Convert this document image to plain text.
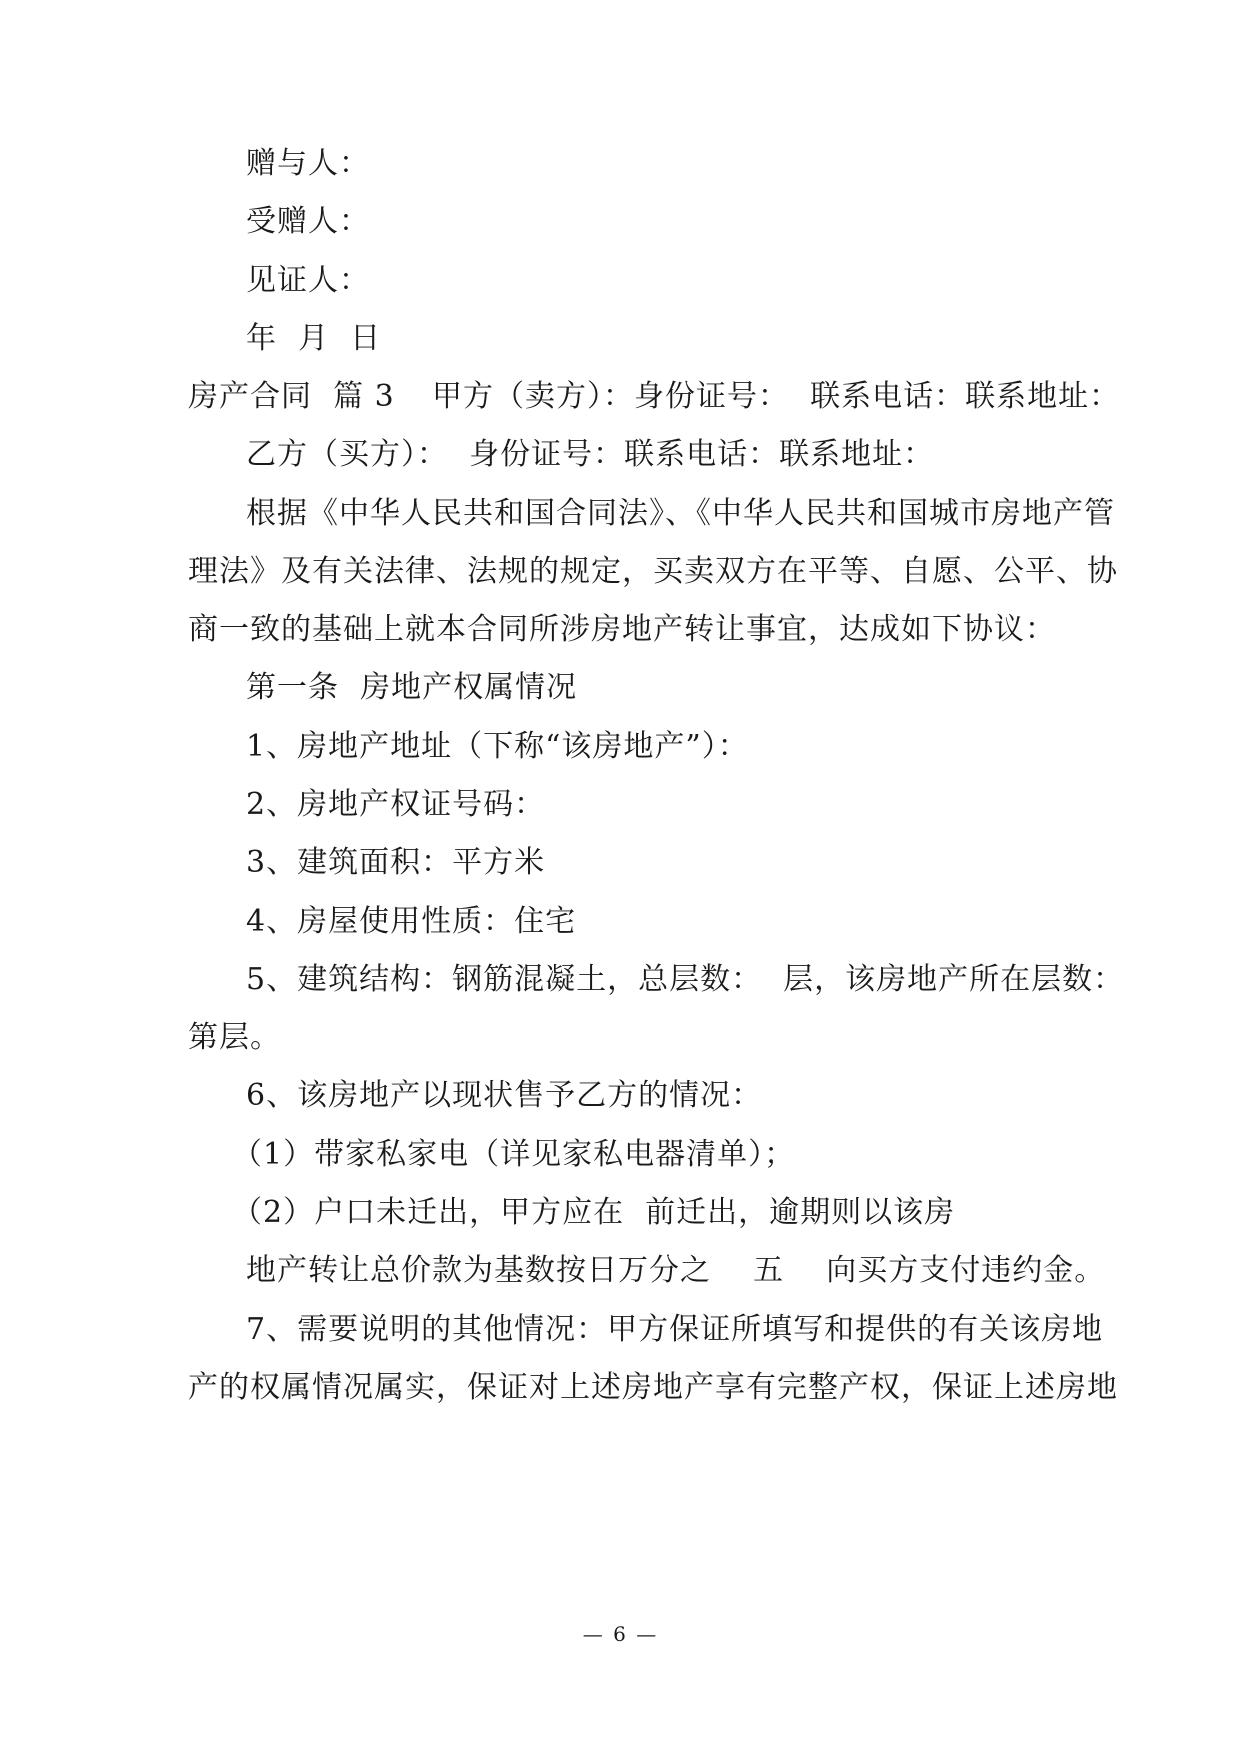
赠与人：
受赠人：
见证人：
年  月  日
房产合同  篇 3 甲方（卖方）：身份证号：  联系电话：联系地址：
乙方（买方）：  身份证号：联系电话：联系地址：
根据《中华人民共和国合同法》、《中华人民共和国城市房地产管
理法》及有关法律、法规的规定，买卖双方在平等、自愿、公平、协
商一致的基础上就本合同所涉房地产转让事宜，达成如下协议：
第一条  房地产权属情况
1、房地产地址（下称“该房地产”）：
2、房地产权证号码：
3、建筑面积：平方米
4、房屋使用性质：住宅
5、建筑结构：钢筋混凝土，总层数：  层，该房地产所在层数：
第层。
6、该房地产以现状售予乙方的情况：
（1）带家私家电（详见家私电器清单）；
（2）户口未迁出，甲方应在  前迁出，逾期则以该房
地产转让总价款为基数按日万分之    五    向买方支付违约金。
7、需要说明的其他情况：甲方保证所填写和提供的有关该房地
产的权属情况属实，保证对上述房地产享有完整产权，保证上述房地
— 6 —
